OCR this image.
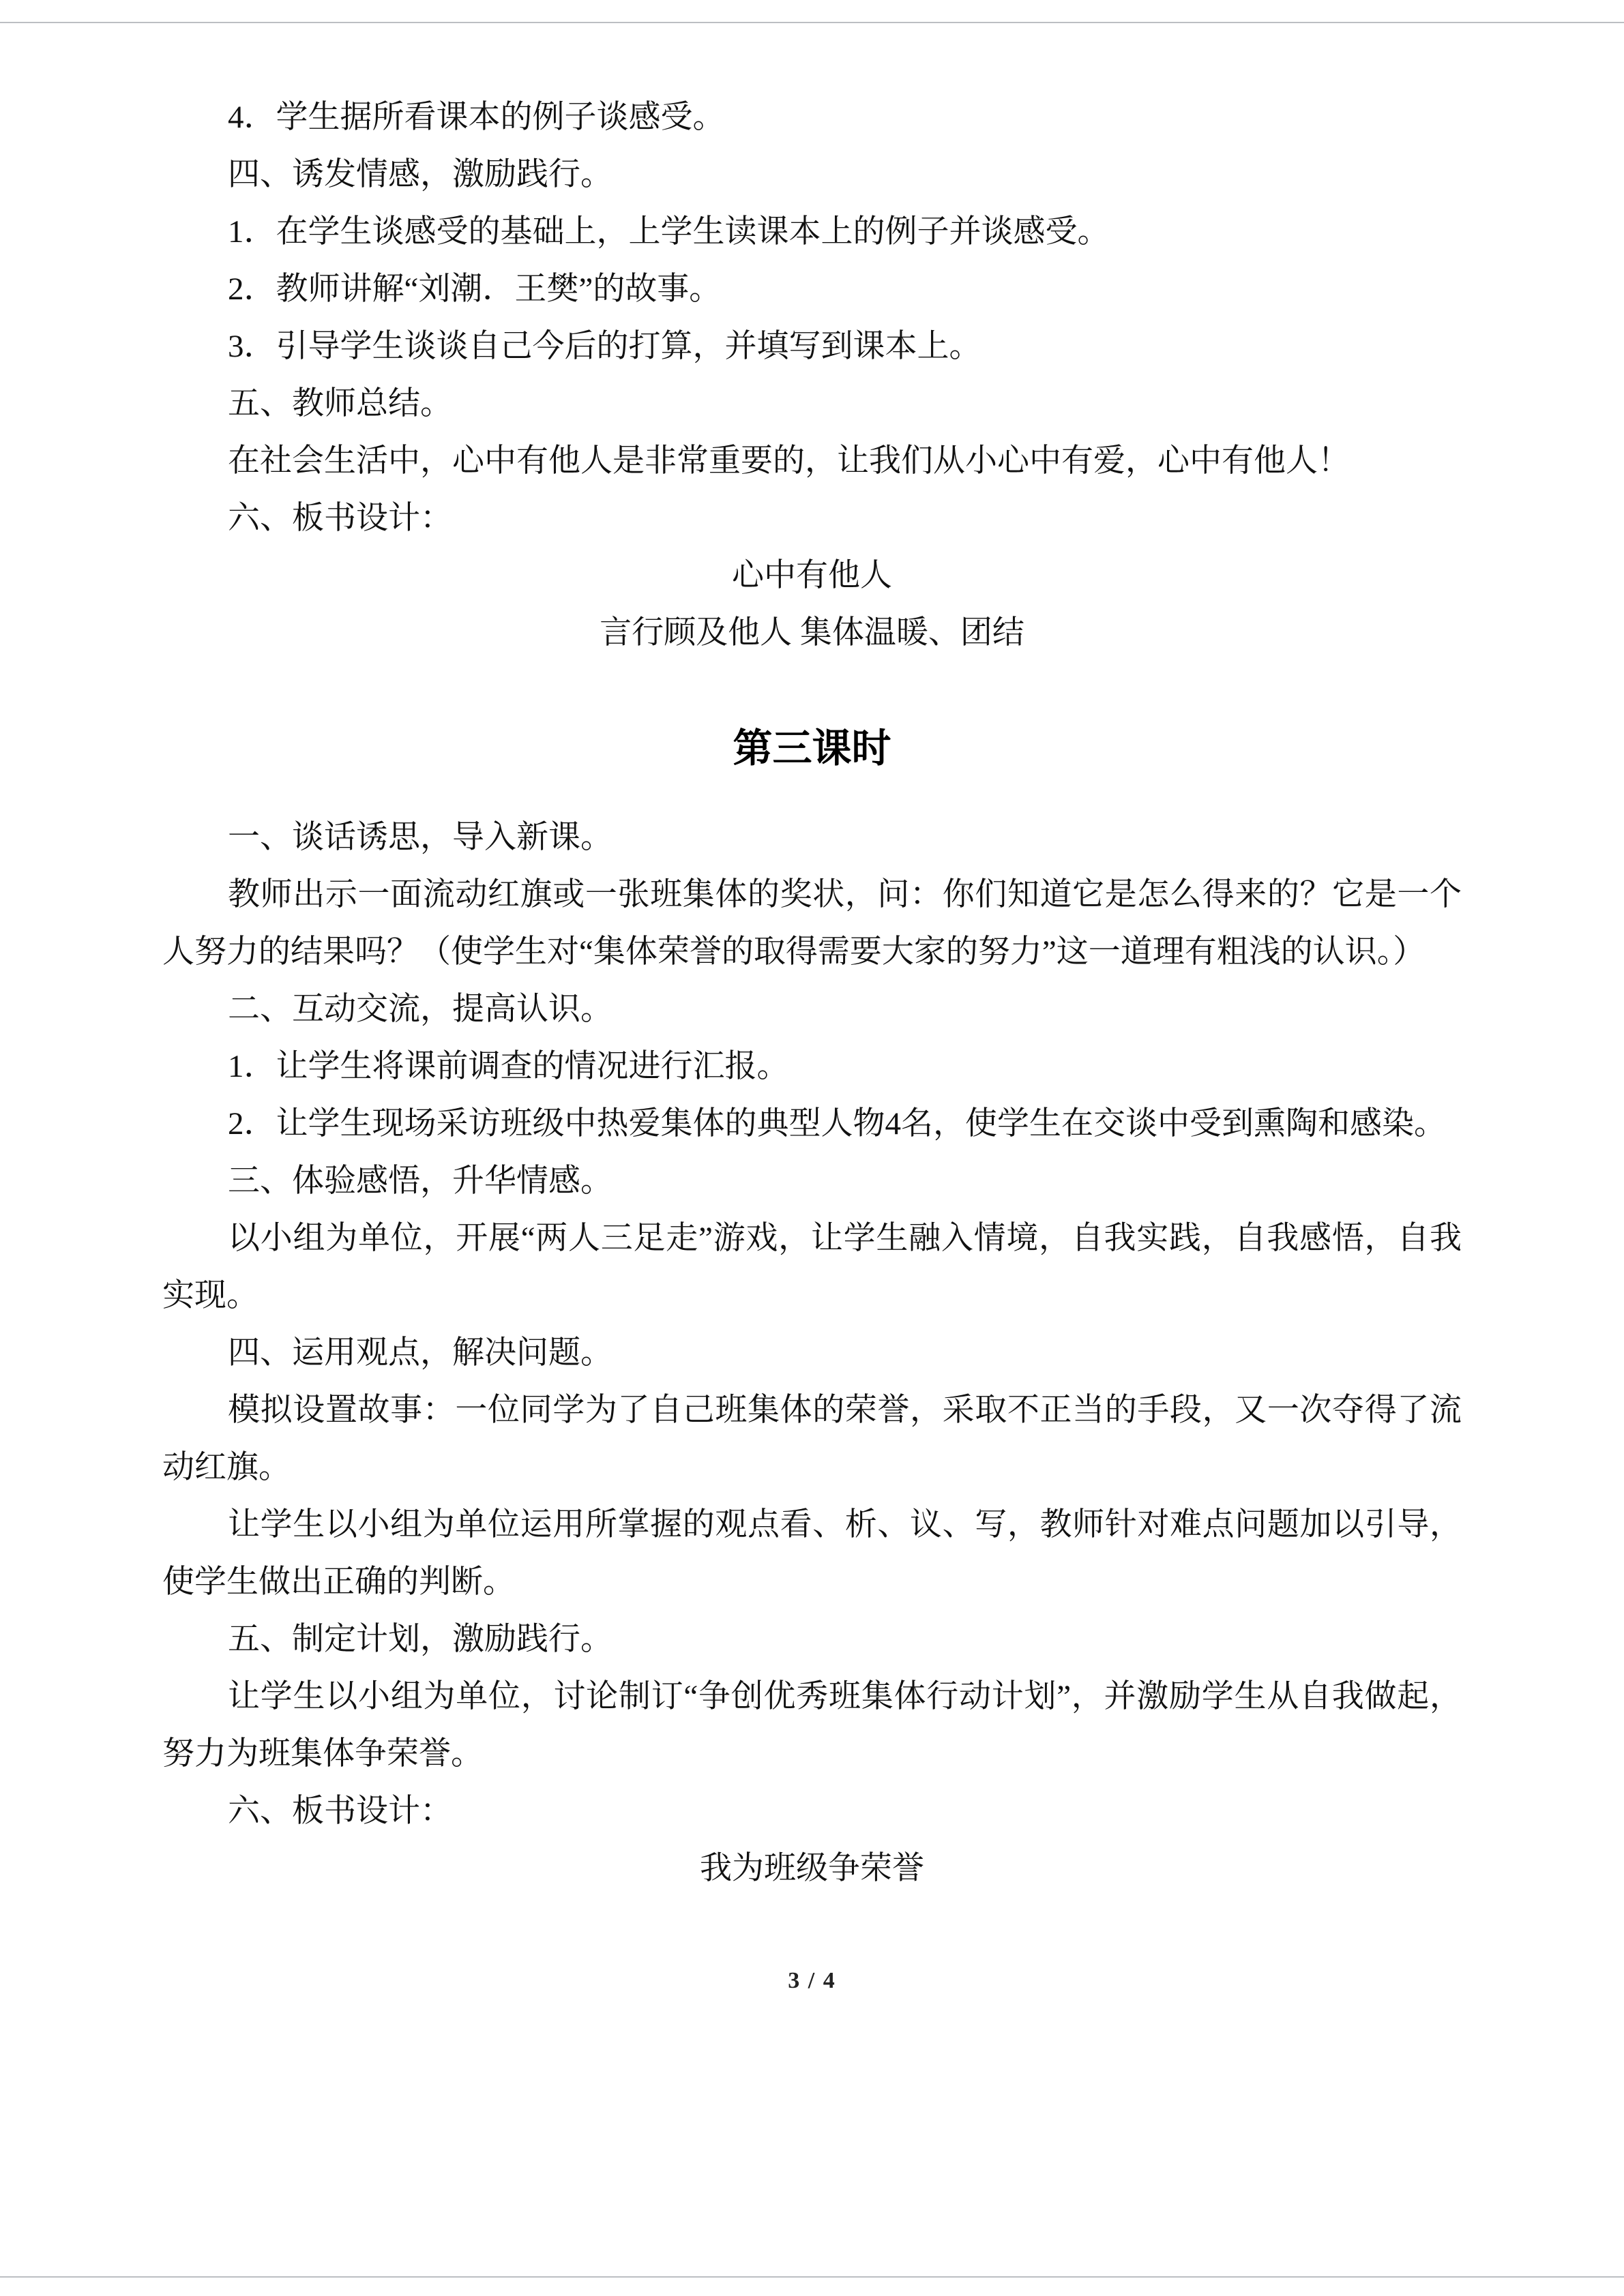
4．学生据所看课本的例子谈感受。

四、诱发情感，激励践行。

1．在学生谈感受的基础上，上学生读课本上的例子并谈感受。

2．教师讲解“刘潮．王樊”的故事。

3．引导学生谈谈自己今后的打算，并填写到课本上。

五、教师总结。

在社会生活中，心中有他人是非常重要的，让我们从小心中有爱，心中有他人！

六、板书设计：

心中有他人

言行顾及他人 集体温暖、团结

第三课时

一、谈话诱思，导入新课。

教师出示一面流动红旗或一张班集体的奖状，问：你们知道它是怎么得来的？它是一个人努力的结果吗？（使学生对“集体荣誉的取得需要大家的努力”这一道理有粗浅的认识。）

二、互动交流，提高认识。

1．让学生将课前调查的情况进行汇报。

2．让学生现场采访班级中热爱集体的典型人物4名，使学生在交谈中受到熏陶和感染。

三、体验感悟，升华情感。

以小组为单位，开展“两人三足走”游戏，让学生融入情境，自我实践，自我感悟，自我实现。

四、运用观点，解决问题。

模拟设置故事：一位同学为了自己班集体的荣誉，采取不正当的手段，又一次夺得了流动红旗。

让学生以小组为单位运用所掌握的观点看、析、议、写，教师针对难点问题加以引导，使学生做出正确的判断。

五、制定计划，激励践行。

让学生以小组为单位，讨论制订“争创优秀班集体行动计划”，并激励学生从自我做起，努力为班集体争荣誉。

六、板书设计：

我为班级争荣誉

3 / 4
